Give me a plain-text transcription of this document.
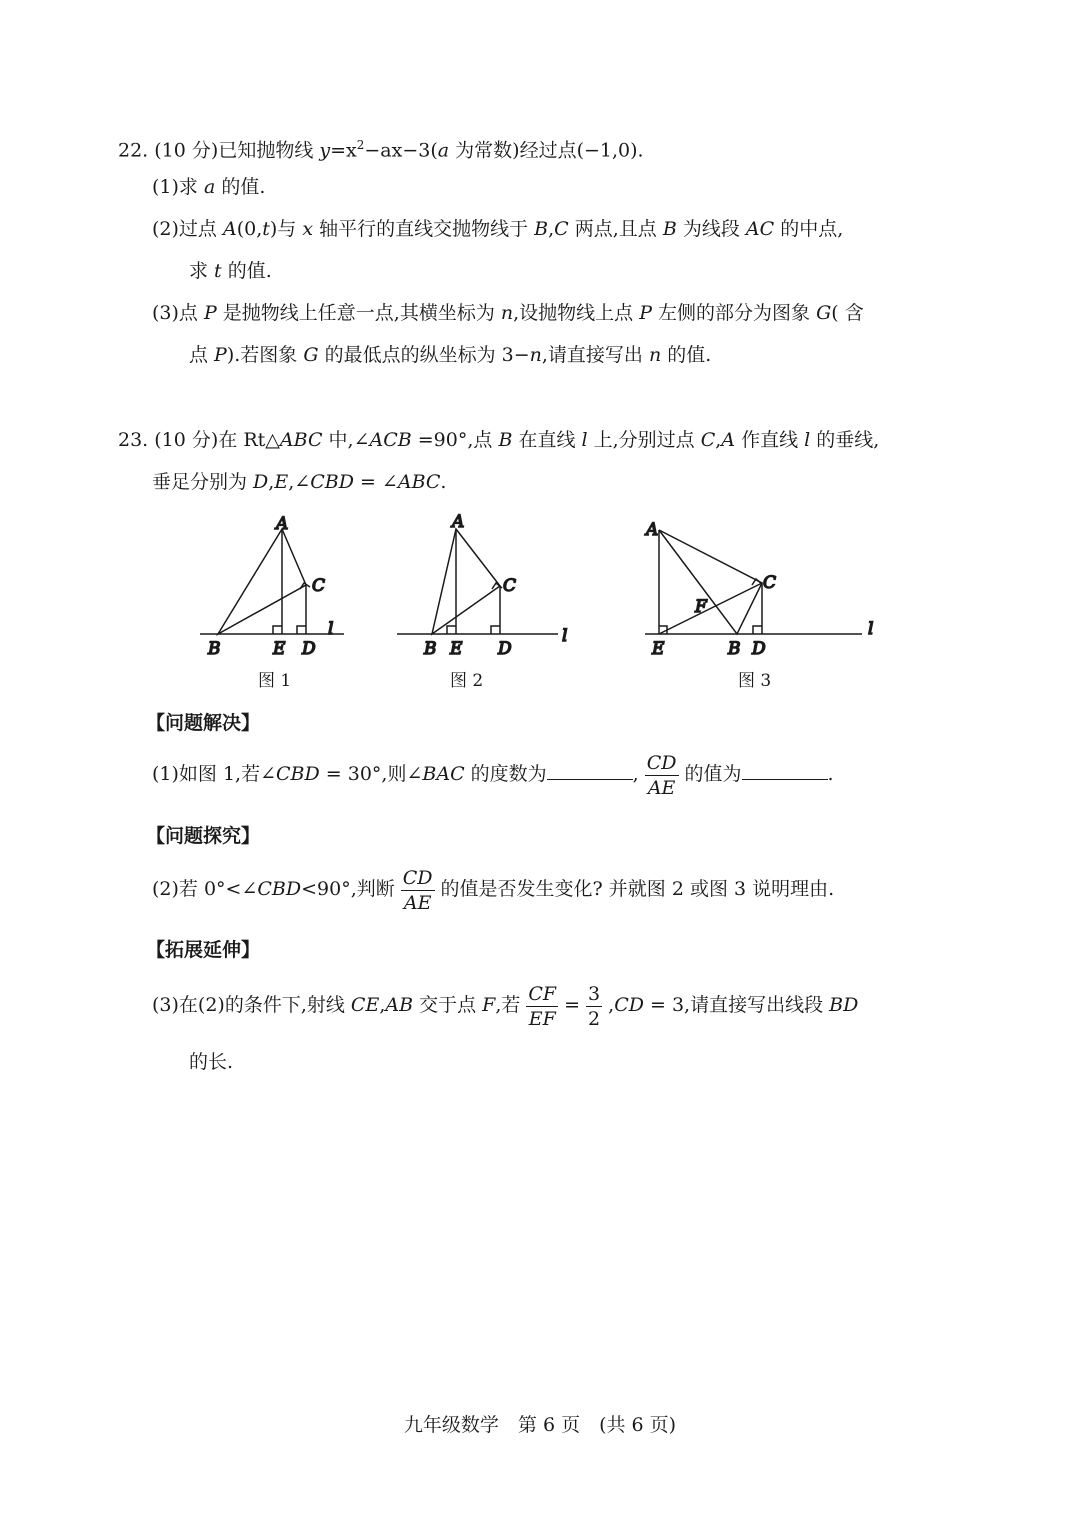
22. (10 分)已知抛物线 $y=x^2-ax-3(a$ 为常数)经过点(−1,0).
(1)求 a 的值.
(2)过点 A(0,t)与 x 轴平行的直线交抛物线于 B,C 两点,且点 B 为线段 AC 的中点,
求 t 的值.
(3)点 P 是抛物线上任意一点,其横坐标为 n,设抛物线上点 P 左侧的部分为图象 G( 含
点 P).若图象 G 的最低点的纵坐标为 3−n,请直接写出 n 的值.
23. (10 分)在 Rt△ABC 中,∠ACB =90°,点 B 在直线 l 上,分别过点 C,A 作直线 l 的垂线,
垂足分别为 D,E,∠CBD = ∠ABC.
A
B
C
E D
l
A
B
C
E D
l
A
C
F
E	B D
l
图 1	图 2	图 3
【问题解决】
(1)如图 1,若∠CBD = 30°,则∠BAC 的度数为	, $\frac{CD}{AE}$ 的值为	.
【问题探究】
(2)若 0°<∠CBD<90°,判断 $\frac{CD}{AE}$ 的值是否发生变化? 并就图 2 或图 3 说明理由.
【拓展延伸】
(3)在(2)的条件下,射线 CE,AB 交于点 F,若 $\frac{CF}{EF} = \frac{3}{2} ,CD = 3$,请直接写出线段 BD
的长.
九年级数学　第 6 页　(共 6 页)
